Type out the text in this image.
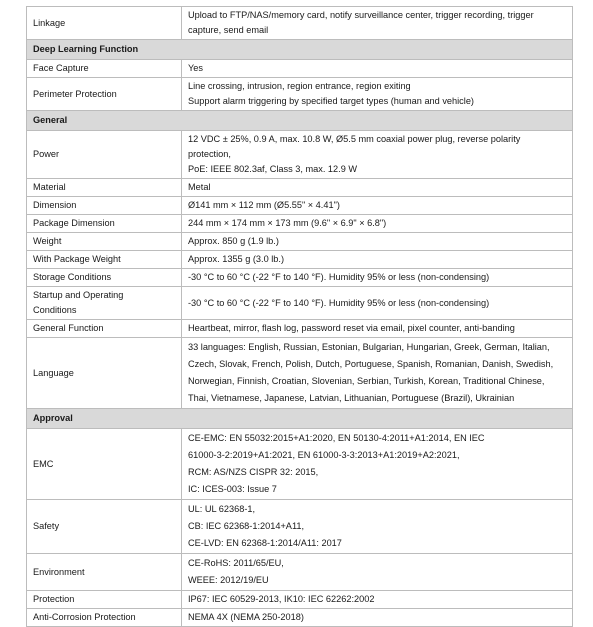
Linkage	Upload to FTP/NAS/memory card, notify surveillance center, trigger recording, trigger
capture, send email

Deep Learning Function	
Face Capture	Yes

Perimeter Protection	Line crossing, intrusion, region entrance, region exiting
Support alarm triggering by specified target types (human and vehicle)

General	
Power	12 VDC ± 25%, 0.9 A, max. 10.8 W, Ø5.5 mm coaxial power plug, reverse polarity
protection,
PoE: IEEE 802.3af, Class 3, max. 12.9 W

Material	Metal

Dimension	Ø141 mm × 112 mm (Ø5.55" × 4.41")

Package Dimension	244 mm × 174 mm × 173 mm (9.6" × 6.9" × 6.8")

Weight	Approx. 850 g (1.9 lb.)

With Package Weight	Approx. 1355 g (3.0 lb.)

Storage Conditions	-30 °C to 60 °C (-22 °F to 140 °F). Humidity 95% or less (non-condensing)

Startup and Operating
Conditions	-30 °C to 60 °C (-22 °F to 140 °F). Humidity 95% or less (non-condensing)

General Function	Heartbeat, mirror, flash log, password reset via email, pixel counter, anti-banding

Language	33 languages: English, Russian, Estonian, Bulgarian, Hungarian, Greek, German, Italian,
Czech, Slovak, French, Polish, Dutch, Portuguese, Spanish, Romanian, Danish, Swedish,
Norwegian, Finnish, Croatian, Slovenian, Serbian, Turkish, Korean, Traditional Chinese,
Thai, Vietnamese, Japanese, Latvian, Lithuanian, Portuguese (Brazil), Ukrainian

Approval	
EMC	CE-EMC: EN 55032:2015+A1:2020, EN 50130-4:2011+A1:2014, EN IEC
61000-3-2:2019+A1:2021, EN 61000-3-3:2013+A1:2019+A2:2021,
RCM: AS/NZS CISPR 32: 2015,
IC: ICES-003: Issue 7

Safety	UL: UL 62368-1,
CB: IEC 62368-1:2014+A11,
CE-LVD: EN 62368-1:2014/A11: 2017

Environment	CE-RoHS: 2011/65/EU,
WEEE: 2012/19/EU

Protection	IP67: IEC 60529-2013, IK10: IEC 62262:2002

Anti-Corrosion Protection	NEMA 4X (NEMA 250-2018)
